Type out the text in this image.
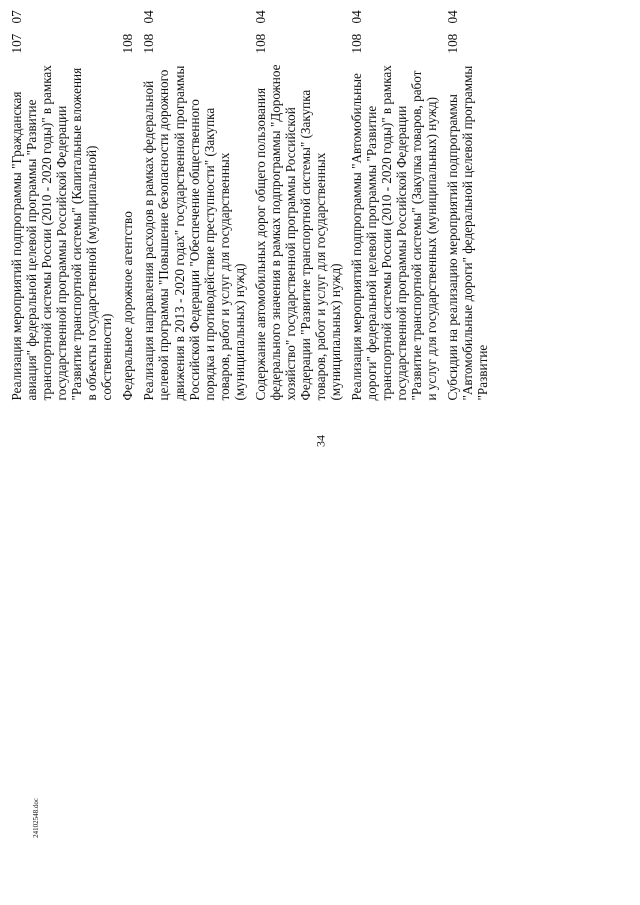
34

Реализация мероприятий подпрограммы "Гражданская авиация" федеральной целевой программы "Развитие транспортной системы России (2010 - 2020 годы)" в рамках государственной программы Российской Федерации "Развитие транспортной системы" (Капитальные вложения в объекты государственной (муниципальной) собственности)	107	07				
Федеральное дорожное агентство	108					
Реализация направления расходов в рамках федеральной целевой программы "Повышение безопасности дорожного движения в 2013 - 2020 годах" государственной программы Российской Федерации "Обеспечение общественного порядка и противодействие преступности" (Закупка товаров, работ и услуг для государственных (муниципальных) нужд)	108	04				
Содержание автомобильных дорог общего пользования федерального значения в рамках подпрограммы "Дорожное хозяйство" государственной программы Российской Федерации "Развитие транспортной системы" (Закупка товаров, работ и услуг для государственных (муниципальных) нужд)	108	04				
Реализация мероприятий подпрограммы "Автомобильные дороги" федеральной целевой программы "Развитие транспортной системы России (2010 - 2020 годы)" в рамках государственной программы Российской Федерации "Развитие транспортной системы" (Закупка товаров, работ и услуг для государственных (муниципальных) нужд)	108	04				
Субсидии на реализацию мероприятий подпрограммы "Автомобильные дороги" федеральной целевой программы "Развитие	108	04				
24102548.doc
